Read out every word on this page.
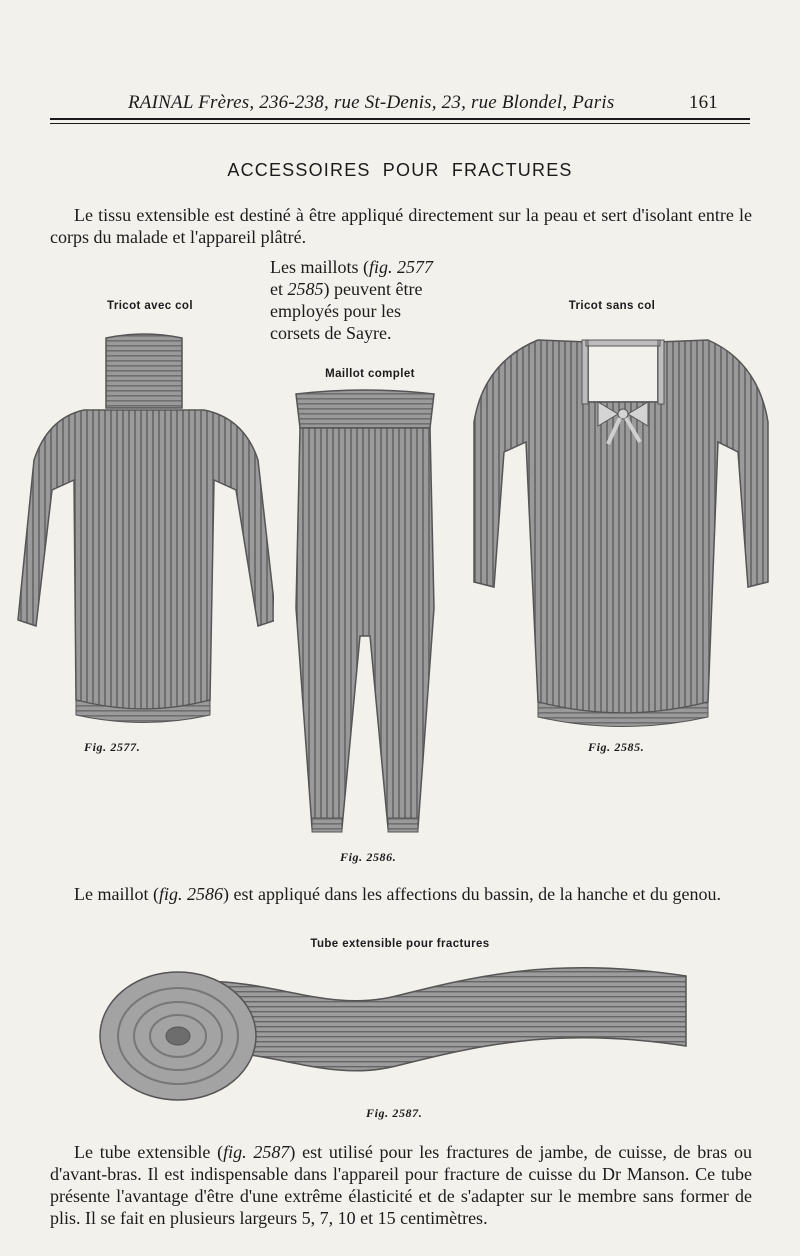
RAINAL Frères, 236-238, rue St-Denis, 23, rue Blondel, Paris	161
ACCESSOIRES POUR FRACTURES
Le tissu extensible est destiné à être appliqué directement sur la peau et sert d'isolant entre le corps du malade et l'appareil plâtré.
Les maillots (fig. 2577 et 2585) peuvent être employés pour les corsets de Sayre.
Tricot avec col
Maillot complet
Tricot sans col
Fig. 2577.
Fig. 2586.
Fig. 2585.
Le maillot (fig. 2586) est appliqué dans les affections du bassin, de la hanche et du genou.
Tube extensible pour fractures
Fig. 2587.
Le tube extensible (fig. 2587) est utilisé pour les fractures de jambe, de cuisse, de bras ou d'avant-bras. Il est indispensable dans l'appareil pour fracture de cuisse du Dr Manson. Ce tube présente l'avantage d'être d'une extrême élasticité et de s'adapter sur le membre sans former de plis. Il se fait en plusieurs largeurs 5, 7, 10 et 15 centimètres.
